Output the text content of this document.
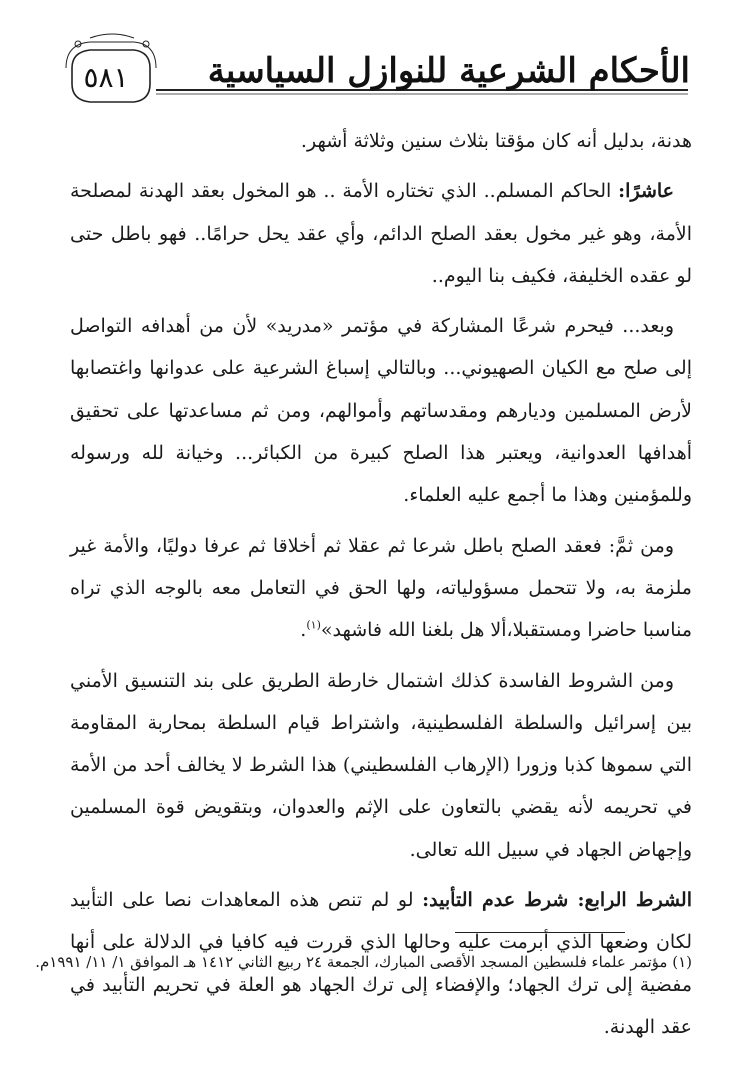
٥٨١	الأحكام الشرعية للنوازل السياسية

هدنة، بدليل أنه كان مؤقتا بثلاث سنين وثلاثة أشهر.

عاشرًا: الحاكم المسلم.. الذي تختاره الأمة .. هو المخول بعقد الهدنة لمصلحة الأمة، وهو غير مخول بعقد الصلح الدائم، وأي عقد يحل حرامًا.. فهو باطل حتى لو عقده الخليفة، فكيف بنا اليوم..

وبعد... فيحرم شرعًا المشاركة في مؤتمر «مدريد» لأن من أهدافه التواصل إلى صلح مع الكيان الصهيوني... وبالتالي إسباغ الشرعية على عدوانها واغتصابها لأرض المسلمين وديارهم ومقدساتهم وأموالهم، ومن ثم مساعدتها على تحقيق أهدافها العدوانية، ويعتبر هذا الصلح كبيرة من الكبائر... وخيانة لله ورسوله وللمؤمنين وهذا ما أجمع عليه العلماء.

ومن ثمَّ: فعقد الصلح باطل شرعا ثم عقلا ثم أخلاقا ثم عرفا دوليًا، والأمة غير ملزمة به، ولا تتحمل مسؤولياته، ولها الحق في التعامل معه بالوجه الذي تراه مناسبا حاضرا ومستقبلا،ألا هل بلغنا الله فاشهد»$^{(١)}$.

ومن الشروط الفاسدة كذلك اشتمال خارطة الطريق على بند التنسيق الأمني بين إسرائيل والسلطة الفلسطينية، واشتراط قيام السلطة بمحاربة المقاومة التي سموها كذبا وزورا (الإرهاب الفلسطيني) هذا الشرط لا يخالف أحد من الأمة في تحريمه لأنه يقضي بالتعاون على الإثم والعدوان، وبتقويض قوة المسلمين وإجهاض الجهاد في سبيل الله تعالى.

الشرط الرابع: شرط عدم التأبيد: لو لم تنص هذه المعاهدات نصا على التأبيد لكان وضعها الذي أبرمت عليه وحالها الذي قررت فيه كافيا في الدلالة على أنها مفضية إلى ترك الجهاد؛ والإفضاء إلى ترك الجهاد هو العلة في تحريم التأبيد في عقد الهدنة.

(١) مؤتمر علماء فلسطين المسجد الأقصى المبارك، الجمعة ٢٤ ربيع الثاني ١٤١٢ هـ الموافق ١/ ١١/ ١٩٩١م.
